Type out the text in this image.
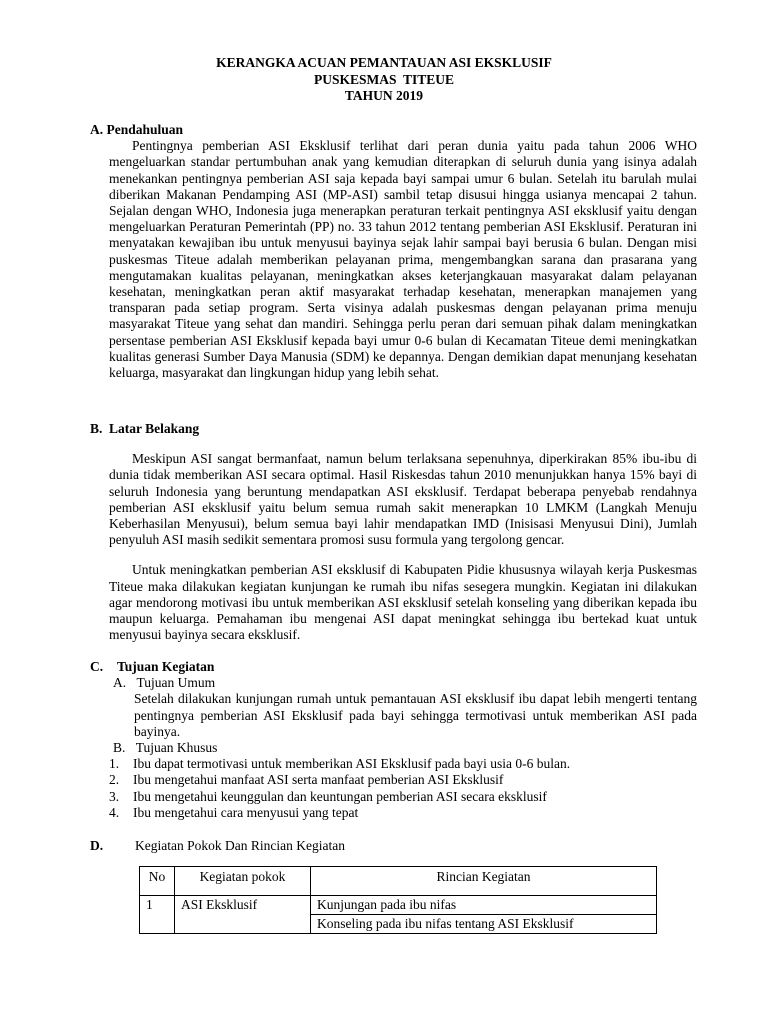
KERANGKA ACUAN PEMANTAUAN ASI EKSKLUSIF
PUSKESMAS  TITEUE
TAHUN 2019
A. Pendahuluan

Pentingnya pemberian ASI Eksklusif terlihat dari peran dunia yaitu pada tahun 2006 WHO mengeluarkan standar pertumbuhan anak yang kemudian diterapkan di seluruh dunia yang isinya adalah menekankan pentingnya pemberian ASI saja kepada bayi sampai umur 6 bulan. Setelah itu barulah mulai diberikan Makanan Pendamping ASI (MP-ASI) sambil tetap disusui hingga usianya mencapai 2 tahun. Sejalan dengan WHO, Indonesia juga menerapkan peraturan terkait pentingnya ASI eksklusif yaitu dengan mengeluarkan Peraturan Pemerintah (PP) no. 33 tahun 2012 tentang pemberian ASI Eksklusif. Peraturan ini menyatakan kewajiban ibu untuk menyusui bayinya sejak lahir sampai bayi berusia 6 bulan. Dengan misi puskesmas Titeue adalah memberikan pelayanan prima, mengembangkan sarana dan prasarana yang mengutamakan kualitas pelayanan, meningkatkan akses keterjangkauan masyarakat dalam pelayanan kesehatan, meningkatkan peran aktif masyarakat terhadap kesehatan, menerapkan manajemen yang transparan pada setiap program. Serta visinya adalah puskesmas dengan pelayanan prima menuju masyarakat Titeue yang sehat dan mandiri. Sehingga perlu peran dari semuan pihak dalam meningkatkan persentase pemberian ASI Eksklusif kepada bayi umur 0-6 bulan di Kecamatan Titeue demi meningkatkan kualitas generasi Sumber Daya Manusia (SDM) ke depannya. Dengan demikian dapat menunjang kesehatan keluarga, masyarakat dan lingkungan hidup yang lebih sehat.

B. Latar Belakang

Meskipun ASI sangat bermanfaat, namun belum terlaksana sepenuhnya, diperkirakan 85% ibu-ibu di dunia tidak memberikan ASI secara optimal. Hasil Riskesdas tahun 2010 menunjukkan hanya 15% bayi di seluruh Indonesia yang beruntung mendapatkan ASI eksklusif. Terdapat beberapa penyebab rendahnya pemberian ASI eksklusif yaitu belum semua rumah sakit menerapkan 10 LMKM (Langkah Menuju Keberhasilan Menyusui), belum semua bayi lahir mendapatkan IMD (Inisisasi Menyusui Dini), Jumlah penyuluh ASI masih sedikit sementara promosi susu formula yang tergolong gencar.

Untuk meningkatkan pemberian ASI eksklusif di Kabupaten Pidie khususnya wilayah kerja Puskesmas Titeue maka dilakukan kegiatan kunjungan ke rumah ibu nifas sesegera mungkin. Kegiatan ini dilakukan agar mendorong motivasi ibu untuk memberikan ASI eksklusif setelah konseling yang diberikan kepada ibu maupun keluarga. Pemahaman ibu mengenai ASI dapat meningkat sehingga ibu bertekad kuat untuk menyusui bayinya secara eksklusif.

C. Tujuan Kegiatan
A. Tujuan Umum

Setelah dilakukan kunjungan rumah untuk pemantauan ASI eksklusif ibu dapat lebih mengerti tentang pentingnya pemberian ASI Eksklusif pada bayi sehingga termotivasi untuk memberikan ASI pada bayinya.

B. Tujuan Khusus
1. Ibu dapat termotivasi untuk memberikan ASI Eksklusif pada bayi usia 0-6 bulan.
2. Ibu mengetahui manfaat ASI serta manfaat pemberian ASI Eksklusif
3. Ibu mengetahui keunggulan dan keuntungan pemberian ASI secara eksklusif
4. Ibu mengetahui cara menyusui yang tepat
D. Kegiatan Pokok Dan Rincian Kegiatan
No	Kegiatan pokok	Rincian Kegiatan
1	ASI Eksklusif	Kunjungan pada ibu nifas
		Konseling pada ibu nifas tentang ASI Eksklusif
